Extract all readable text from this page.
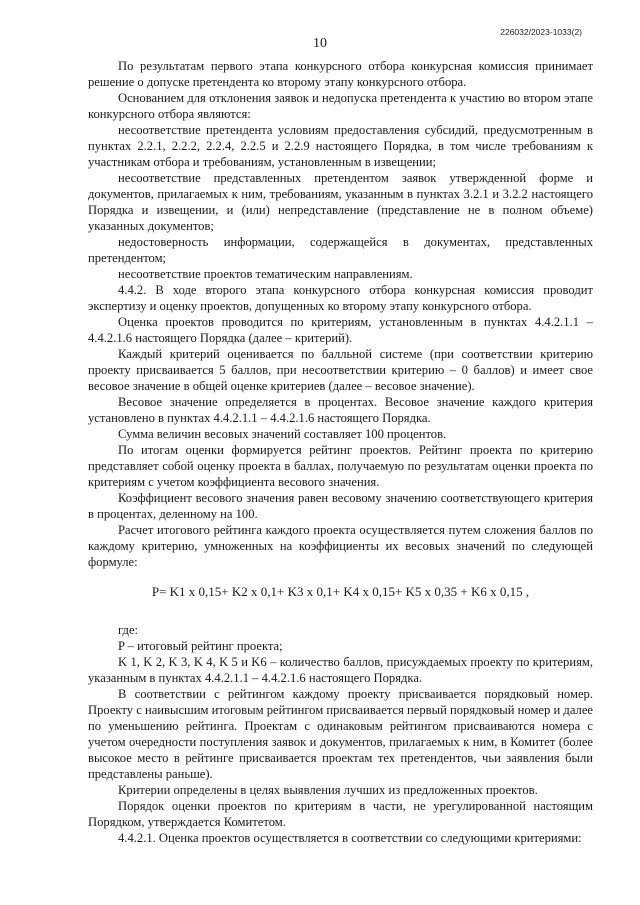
226032/2023-1033(2)
10

По результатам первого этапа конкурсного отбора конкурсная комиссия принимает решение о допуске претендента ко второму этапу конкурсного отбора.

Основанием для отклонения заявок и недопуска претендента к участию во втором этапе конкурсного отбора являются:

несоответствие претендента условиям предоставления субсидий, предусмотренным в пунктах 2.2.1, 2.2.2, 2.2.4, 2.2.5 и 2.2.9 настоящего Порядка, в том числе требованиям к участникам отбора и требованиям, установленным в извещении;

несоответствие представленных претендентом заявок утвержденной форме и документов, прилагаемых к ним, требованиям, указанным в пунктах 3.2.1 и 3.2.2 настоящего Порядка и извещении, и (или) непредставление (представление не в полном объеме) указанных документов;

недостоверность информации, содержащейся в документах, представленных претендентом;

несоответствие проектов тематическим направлениям.

4.4.2. В ходе второго этапа конкурсного отбора конкурсная комиссия проводит экспертизу и оценку проектов, допущенных ко второму этапу конкурсного отбора.

Оценка проектов проводится по критериям, установленным в пунктах 4.4.2.1.1 – 4.4.2.1.6 настоящего Порядка (далее – критерий).

Каждый критерий оценивается по балльной системе (при соответствии критерию проекту присваивается 5 баллов, при несоответствии критерию – 0 баллов) и имеет свое весовое значение в общей оценке критериев (далее – весовое значение).

Весовое значение определяется в процентах. Весовое значение каждого критерия установлено в пунктах 4.4.2.1.1 – 4.4.2.1.6 настоящего Порядка.

Сумма величин весовых значений составляет 100 процентов.

По итогам оценки формируется рейтинг проектов. Рейтинг проекта по критерию представляет собой оценку проекта в баллах, получаемую по результатам оценки проекта по критериям с учетом коэффициента весового значения.

Коэффициент весового значения равен весовому значению соответствующего критерия в процентах, деленному на 100.

Расчет итогового рейтинга каждого проекта осуществляется путем сложения баллов по каждому критерию, умноженных на коэффициенты их весовых значений по следующей формуле:

P= K1 x 0,15+ K2 x 0,1+ K3 x 0,1+ K4 x 0,15+ K5 x 0,35 + K6 x 0,15 ,

где:

P – итоговый рейтинг проекта;

K 1, K 2, K 3, K 4, K 5 и K6 – количество баллов, присуждаемых проекту по критериям, указанным в пунктах 4.4.2.1.1 – 4.4.2.1.6 настоящего Порядка.

В соответствии с рейтингом каждому проекту присваивается порядковый номер. Проекту с наивысшим итоговым рейтингом присваивается первый порядковый номер и далее по уменьшению рейтинга. Проектам с одинаковым рейтингом присваиваются номера с учетом очередности поступления заявок и документов, прилагаемых к ним, в Комитет (более высокое место в рейтинге присваивается проектам тех претендентов, чьи заявления были представлены раньше).

Критерии определены в целях выявления лучших из предложенных проектов.

Порядок оценки проектов по критериям в части, не урегулированной настоящим Порядком, утверждается Комитетом.

4.4.2.1. Оценка проектов осуществляется в соответствии со следующими критериями:
